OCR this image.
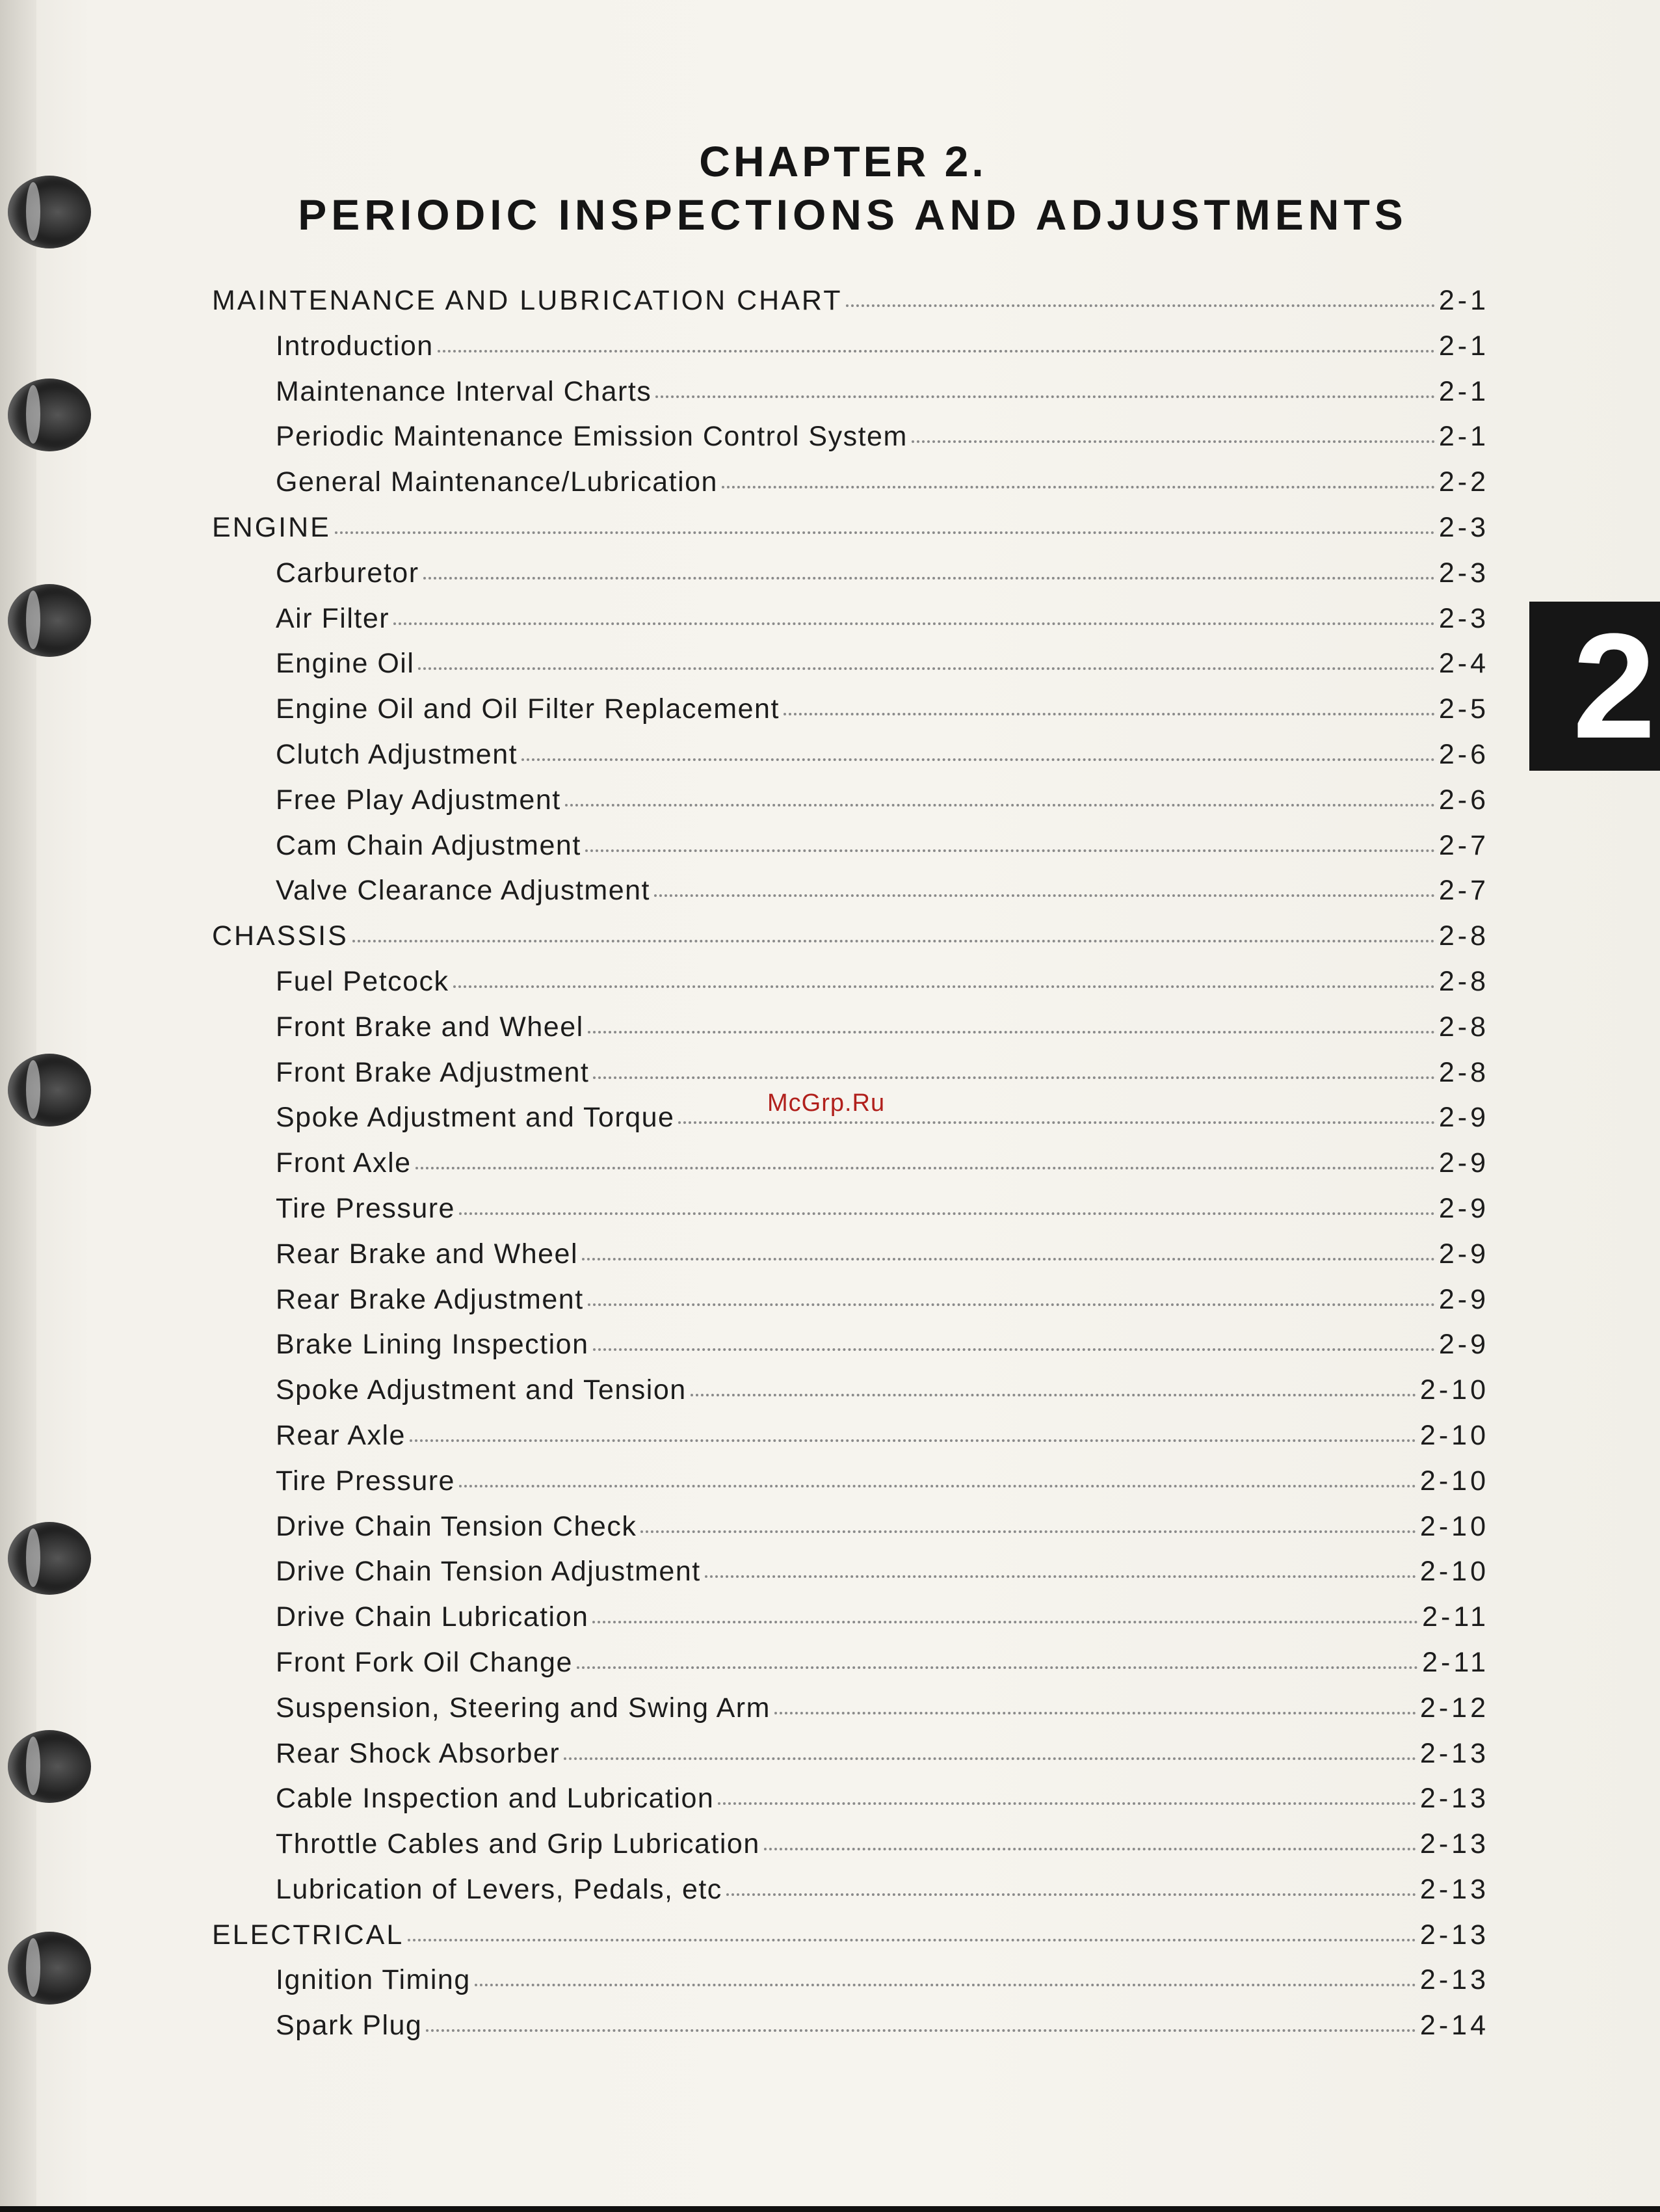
CHAPTER 2.
PERIODIC INSPECTIONS AND ADJUSTMENTS
MAINTENANCE AND LUBRICATION CHART	2-1
Introduction	2-1
Maintenance Interval Charts	2-1
Periodic Maintenance Emission Control System	2-1
General Maintenance/Lubrication	2-2
ENGINE	2-3
Carburetor	2-3
Air Filter	2-3
Engine Oil	2-4
Engine Oil and Oil Filter Replacement	2-5
Clutch Adjustment	2-6
Free Play Adjustment	2-6
Cam Chain Adjustment	2-7
Valve Clearance Adjustment	2-7
CHASSIS	2-8
Fuel Petcock	2-8
Front Brake and Wheel	2-8
Front Brake Adjustment	2-8
Spoke Adjustment and Torque	2-9
Front Axle	2-9
Tire Pressure	2-9
Rear Brake and Wheel	2-9
Rear Brake Adjustment	2-9
Brake Lining Inspection	2-9
Spoke Adjustment and Tension	2-10
Rear Axle	2-10
Tire Pressure	2-10
Drive Chain Tension Check	2-10
Drive Chain Tension Adjustment	2-10
Drive Chain Lubrication	2-11
Front Fork Oil Change	2-11
Suspension, Steering and Swing Arm	2-12
Rear Shock Absorber	2-13
Cable Inspection and Lubrication	2-13
Throttle Cables and Grip Lubrication	2-13
Lubrication of Levers, Pedals, etc	2-13
ELECTRICAL	2-13
Ignition Timing	2-13
Spark Plug	2-14
2
McGrp.Ru
